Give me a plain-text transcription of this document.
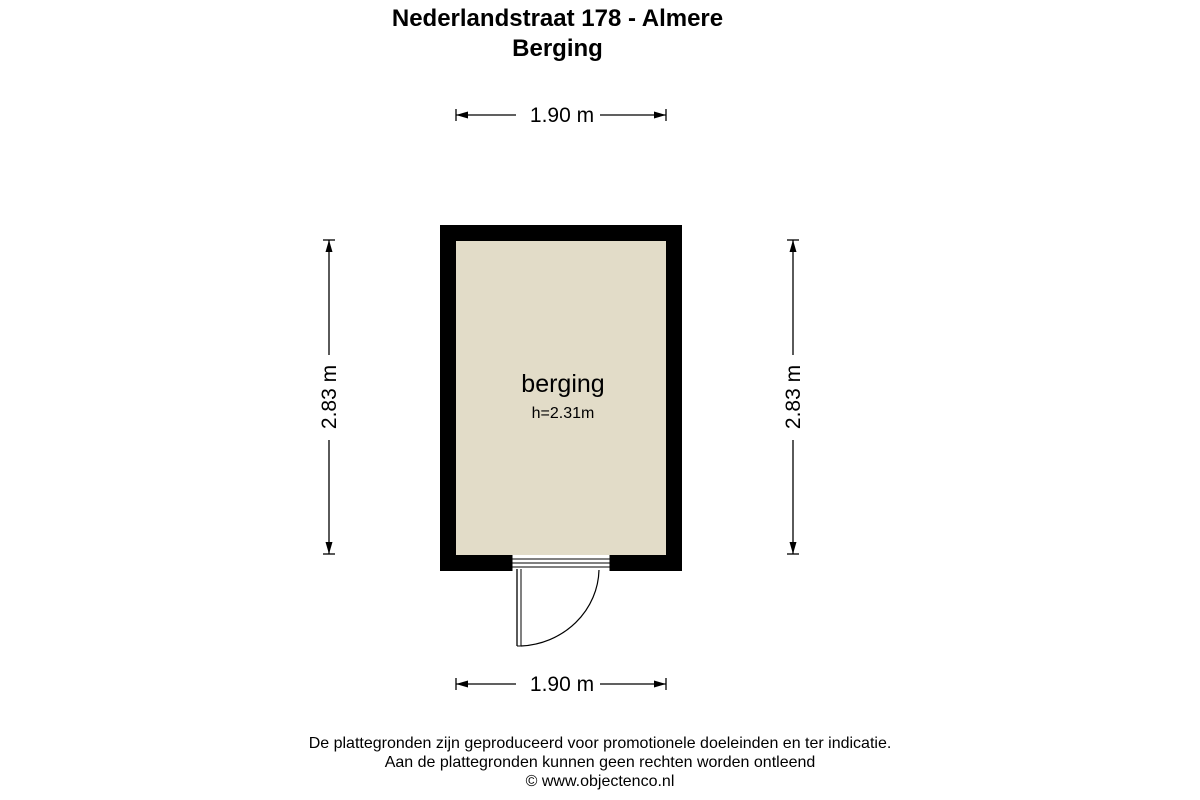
Nederlandstraat 178 - Almere
Berging
1.90 m
1.90 m
2.83 m	2.83 m
berging
h=2.31m
De plattegronden zijn geproduceerd voor promotionele doeleinden en ter indicatie.
Aan de plattegronden kunnen geen rechten worden ontleend
© www.objectenco.nl
